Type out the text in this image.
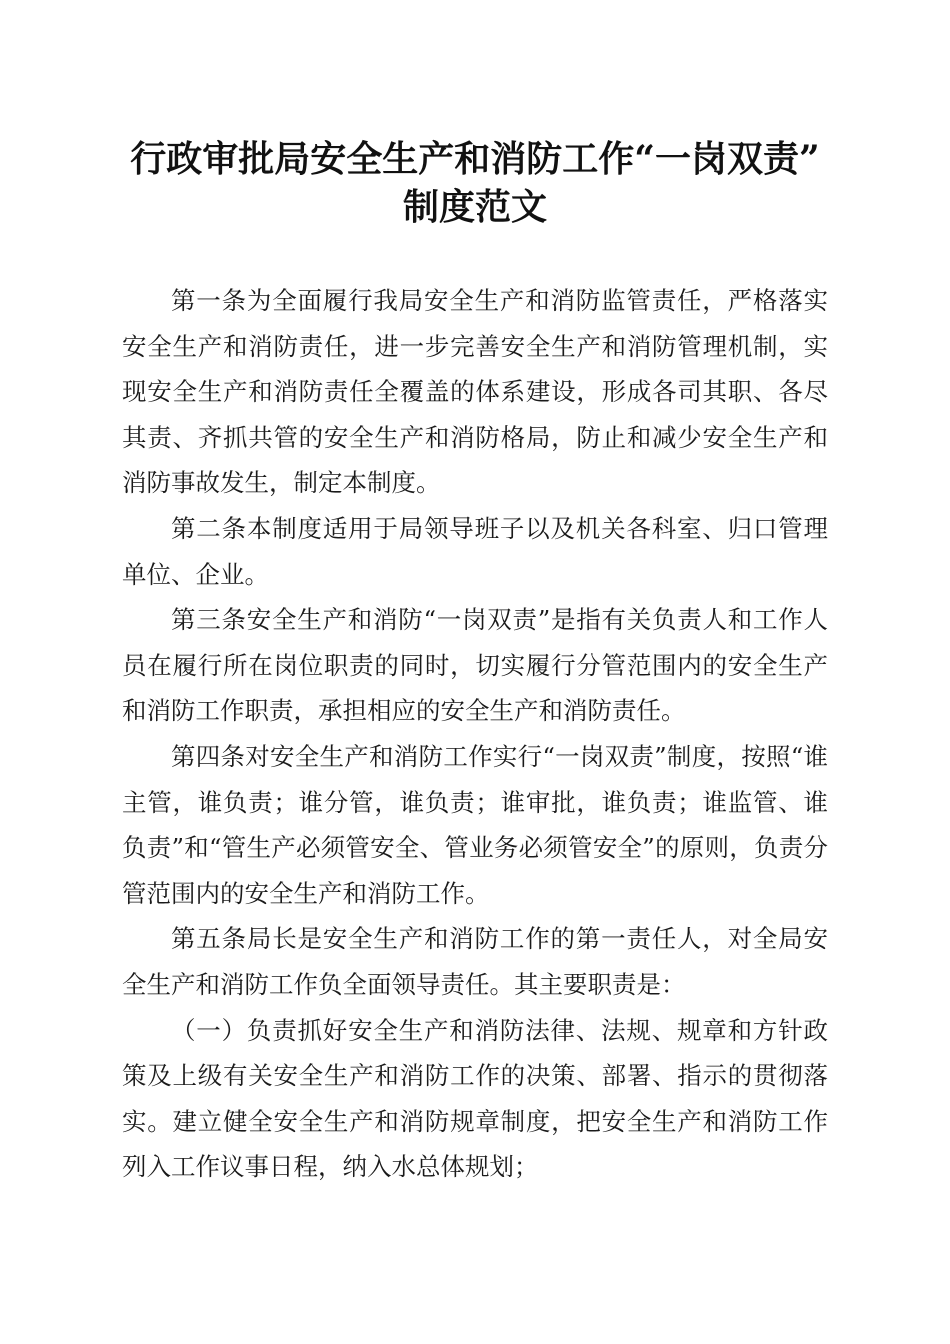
行政审批局安全生产和消防工作“一岗双责”
制度范文

第一条为全面履行我局安全生产和消防监管责任，严格落实安全生产和消防责任，进一步完善安全生产和消防管理机制，实现安全生产和消防责任全覆盖的体系建设，形成各司其职、各尽其责、齐抓共管的安全生产和消防格局，防止和减少安全生产和消防事故发生，制定本制度。

第二条本制度适用于局领导班子以及机关各科室、归口管理单位、企业。

第三条安全生产和消防“一岗双责”是指有关负责人和工作人员在履行所在岗位职责的同时，切实履行分管范围内的安全生产和消防工作职责，承担相应的安全生产和消防责任。

第四条对安全生产和消防工作实行“一岗双责”制度，按照“谁主管，谁负责；谁分管，谁负责；谁审批，谁负责；谁监管、谁负责”和“管生产必须管安全、管业务必须管安全”的原则，负责分管范围内的安全生产和消防工作。

第五条局长是安全生产和消防工作的第一责任人，对全局安全生产和消防工作负全面领导责任。其主要职责是：

（一）负责抓好安全生产和消防法律、法规、规章和方针政策及上级有关安全生产和消防工作的决策、部署、指示的贯彻落实。建立健全安全生产和消防规章制度，把安全生产和消防工作列入工作议事日程，纳入水总体规划；
